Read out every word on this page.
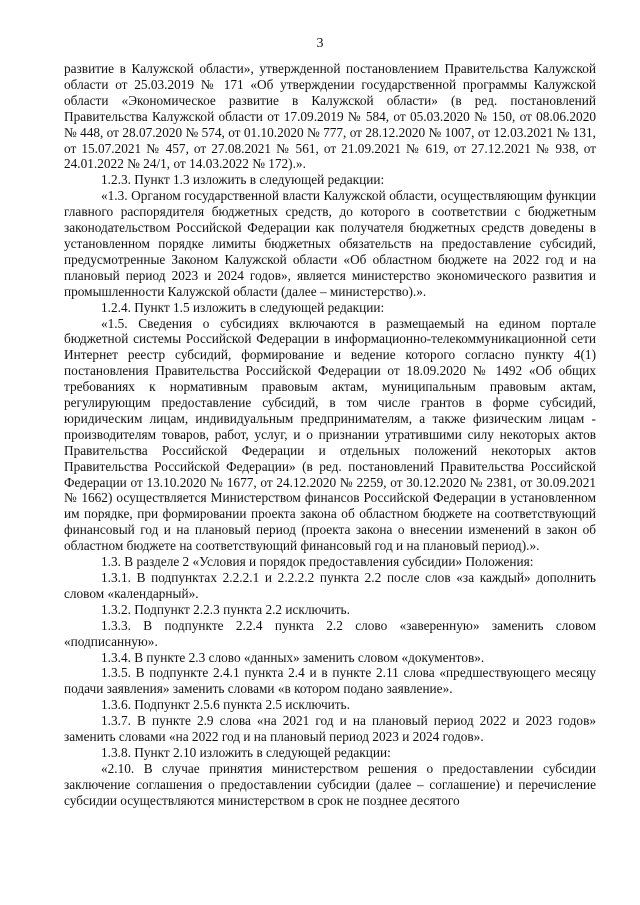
3

развитие в Калужской области», утвержденной постановлением Правительства Калужской области от 25.03.2019 № 171 «Об утверждении государственной программы Калужской области «Экономическое развитие в Калужской области» (в ред. постановлений Правительства Калужской области от 17.09.2019 № 584, от 05.03.2020 № 150, от 08.06.2020 № 448, от 28.07.2020 № 574, от 01.10.2020 № 777, от 28.12.2020 № 1007, от 12.03.2021 № 131, от 15.07.2021 № 457, от 27.08.2021 № 561, от 21.09.2021 № 619, от 27.12.2021 № 938, от 24.01.2022 № 24/1, от 14.03.2022 № 172).».

1.2.3. Пункт 1.3 изложить в следующей редакции:

«1.3. Органом государственной власти Калужской области, осуществляющим функции главного распорядителя бюджетных средств, до которого в соответствии с бюджетным законодательством Российской Федерации как получателя бюджетных средств доведены в установленном порядке лимиты бюджетных обязательств на предоставление субсидий, предусмотренные Законом Калужской области «Об областном бюджете на 2022 год и на плановый период 2023 и 2024 годов», является министерство экономического развития и промышленности Калужской области (далее – министерство).».

1.2.4. Пункт 1.5 изложить в следующей редакции:

«1.5. Сведения о субсидиях включаются в размещаемый на едином портале бюджетной системы Российской Федерации в информационно-телекоммуникационной сети Интернет реестр субсидий, формирование и ведение которого согласно пункту 4(1) постановления Правительства Российской Федерации от 18.09.2020 № 1492 «Об общих требованиях к нормативным правовым актам, муниципальным правовым актам, регулирующим предоставление субсидий, в том числе грантов в форме субсидий, юридическим лицам, индивидуальным предпринимателям, а также физическим лицам - производителям товаров, работ, услуг, и о признании утратившими силу некоторых актов Правительства Российской Федерации и отдельных положений некоторых актов Правительства Российской Федерации» (в ред. постановлений Правительства Российской Федерации от 13.10.2020 № 1677, от 24.12.2020 № 2259, от 30.12.2020 № 2381, от 30.09.2021 № 1662) осуществляется Министерством финансов Российской Федерации в установленном им порядке, при формировании проекта закона об областном бюджете на соответствующий финансовый год и на плановый период (проекта закона о внесении изменений в закон об областном бюджете на соответствующий финансовый год и на плановый период).».

1.3. В разделе 2 «Условия и порядок предоставления субсидии» Положения:

1.3.1. В подпунктах 2.2.2.1 и 2.2.2.2 пункта 2.2 после слов «за каждый» дополнить словом «календарный».

1.3.2. Подпункт 2.2.3 пункта 2.2 исключить.

1.3.3. В подпункте 2.2.4 пункта 2.2 слово «заверенную» заменить словом «подписанную».

1.3.4. В пункте 2.3 слово «данных» заменить словом «документов».

1.3.5. В подпункте 2.4.1 пункта 2.4 и в пункте 2.11 слова «предшествующего месяцу подачи заявления» заменить словами «в котором подано заявление».

1.3.6. Подпункт 2.5.6 пункта 2.5 исключить.

1.3.7. В пункте 2.9 слова «на 2021 год и на плановый период 2022 и 2023 годов» заменить словами «на 2022 год и на плановый период 2023 и 2024 годов».

1.3.8. Пункт 2.10 изложить в следующей редакции:

«2.10. В случае принятия министерством решения о предоставлении субсидии заключение соглашения о предоставлении субсидии (далее – соглашение) и перечисление субсидии осуществляются министерством в срок не позднее десятого
